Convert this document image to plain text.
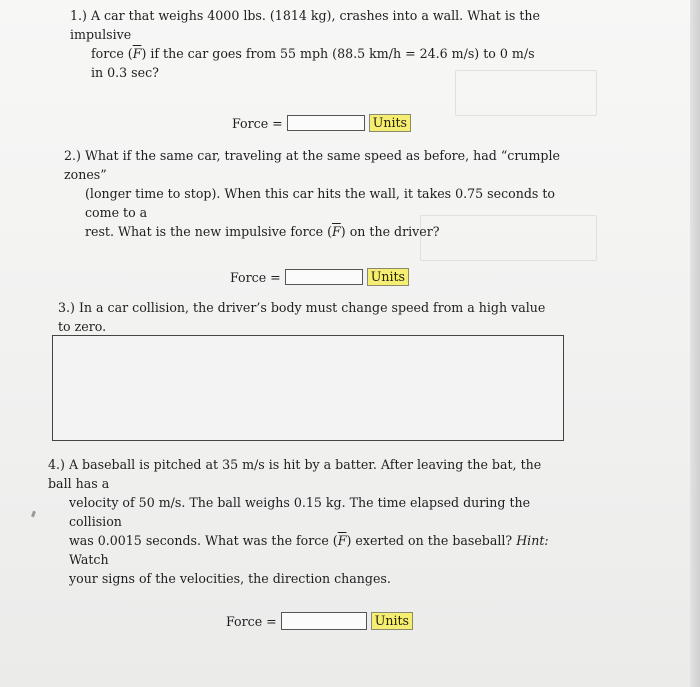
1.) A car that weighs 4000 lbs. (1814 kg), crashes into a wall. What is the impulsive
force $(\overline{F})$ if the car goes from 55 mph (88.5 km/h = 24.6 m/s) to 0 m/s in 0.3 sec?
Force =	Units
2.) What if the same car, traveling at the same speed as before, had “crumple zones”
(longer time to stop). When this car hits the wall, it takes 0.75 seconds to come to a
rest. What is the new impulsive force $(\overline{F})$ on the driver?
Force =	Units
3.) In a car collision, the driver’s body must change speed from a high value to zero.
4.) A baseball is pitched at 35 m/s is hit by a batter. After leaving the bat, the ball has a
velocity of 50 m/s. The ball weighs 0.15 kg. The time elapsed during the collision
was 0.0015 seconds. What was the force $(\overline{F})$ exerted on the baseball? Hint: Watch
your signs of the velocities, the direction changes.
Force =	Units
